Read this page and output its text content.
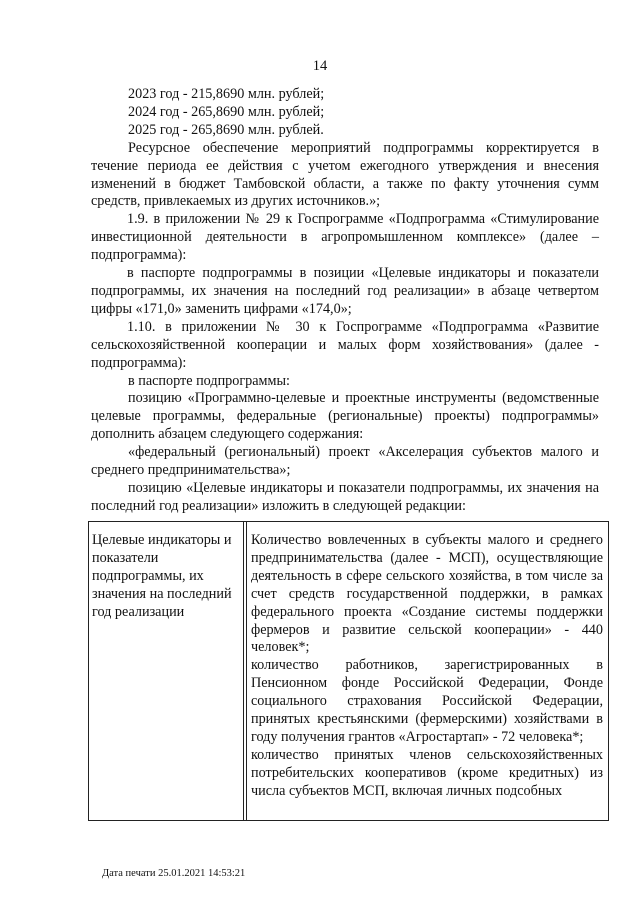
14

2023 год - 215,8690 млн. рублей;

2024 год - 265,8690 млн. рублей;

2025 год - 265,8690 млн. рублей.

Ресурсное обеспечение мероприятий подпрограммы корректируется в течение периода ее действия с учетом ежегодного утверждения и внесения изменений в бюджет Тамбовской области, а также по факту уточнения сумм средств, привлекаемых из других источников.»;

1.9. в приложении № 29 к Госпрограмме «Подпрограмма «Стимулирование инвестиционной деятельности в агропромышленном комплексе» (далее – подпрограмма):

в паспорте подпрограммы в позиции «Целевые индикаторы и показатели подпрограммы, их значения на последний год реализации» в абзаце четвертом цифры «171,0» заменить цифрами «174,0»;

1.10. в приложении № 30 к Госпрограмме «Подпрограмма «Развитие сельскохозяйственной кооперации и малых форм хозяйствования» (далее - подпрограмма):

в паспорте подпрограммы:

позицию «Программно-целевые и проектные инструменты (ведомственные целевые программы, федеральные (региональные) проекты) подпрограммы» дополнить абзацем следующего содержания:

«федеральный (региональный) проект «Акселерация субъектов малого и среднего предпринимательства»;

позицию «Целевые индикаторы и показатели подпрограммы, их значения на последний год реализации» изложить в следующей редакции:

Целевые индикаторы и показатели подпрограммы, их значения на последний год реализации

Количество вовлеченных в субъекты малого и среднего предпринимательства (далее - МСП), осуществляющие деятельность в сфере сельского хозяйства, в том числе за счет средств государственной поддержки, в рамках федерального проекта «Создание системы поддержки фермеров и развитие сельской кооперации» - 440 человек*;

количество работников, зарегистрированных в Пенсионном фонде Российской Федерации, Фонде социального страхования Российской Федерации, принятых крестьянскими (фермерскими) хозяйствами в году получения грантов «Агростартап» - 72 человека*;

количество принятых членов сельскохозяйственных потребительских кооперативов (кроме кредитных) из числа субъектов МСП, включая личных подсобных

Дата печати 25.01.2021 14:53:21
